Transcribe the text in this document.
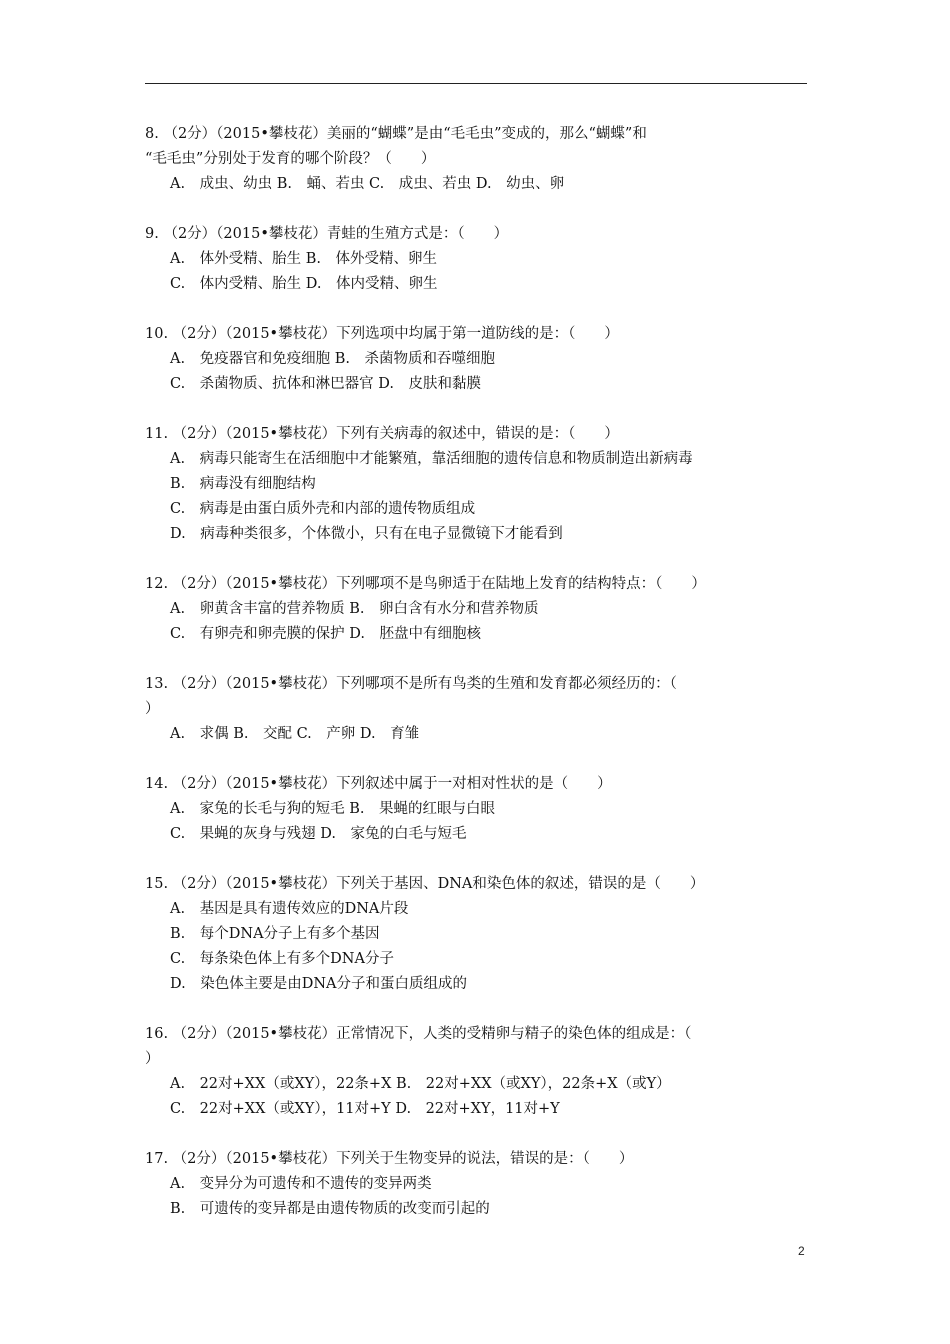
8. （2分）（2015•攀枝花）美丽的“蝴蝶”是由“毛毛虫”变成的，那么“蝴蝶”和
“毛毛虫”分别处于发育的哪个阶段？（　　）
A.　成虫、幼虫 B.　蛹、若虫 C.　成虫、若虫 D.　幼虫、卵
9. （2分）（2015•攀枝花）青蛙的生殖方式是：（　　）
A.　体外受精、胎生 B.　体外受精、卵生
C.　体内受精、胎生 D.　体内受精、卵生
10. （2分）（2015•攀枝花）下列选项中均属于第一道防线的是：（　　）
A.　免疫器官和免疫细胞 B.　杀菌物质和吞噬细胞
C.　杀菌物质、抗体和淋巴器官 D.　皮肤和黏膜
11. （2分）（2015•攀枝花）下列有关病毒的叙述中，错误的是：（　　）
A.　病毒只能寄生在活细胞中才能繁殖，靠活细胞的遗传信息和物质制造出新病毒
B.　病毒没有细胞结构
C.　病毒是由蛋白质外壳和内部的遗传物质组成
D.　病毒种类很多，个体微小，只有在电子显微镜下才能看到
12. （2分）（2015•攀枝花）下列哪项不是鸟卵适于在陆地上发育的结构特点：（　　）
A.　卵黄含丰富的营养物质 B.　卵白含有水分和营养物质
C.　有卵壳和卵壳膜的保护 D.　胚盘中有细胞核
13. （2分）（2015•攀枝花）下列哪项不是所有鸟类的生殖和发育都必须经历的：（
）
A.　求偶 B.　交配 C.　产卵 D.　育雏
14. （2分）（2015•攀枝花）下列叙述中属于一对相对性状的是（　　）
A.　家兔的长毛与狗的短毛 B.　果蝇的红眼与白眼
C.　果蝇的灰身与残翅 D.　家兔的白毛与短毛
15. （2分）（2015•攀枝花）下列关于基因、DNA和染色体的叙述，错误的是（　　）
A.　基因是具有遗传效应的DNA片段
B.　每个DNA分子上有多个基因
C.　每条染色体上有多个DNA分子
D.　染色体主要是由DNA分子和蛋白质组成的
16. （2分）（2015•攀枝花）正常情况下，人类的受精卵与精子的染色体的组成是：（
）
A.　22对+XX（或XY），22条+X B.　22对+XX（或XY），22条+X（或Y）
C.　22对+XX（或XY），11对+Y D.　22对+XY，11对+Y
17. （2分）（2015•攀枝花）下列关于生物变异的说法，错误的是：（　　）
A.　变异分为可遗传和不遗传的变异两类
B.　可遗传的变异都是由遗传物质的改变而引起的
2
